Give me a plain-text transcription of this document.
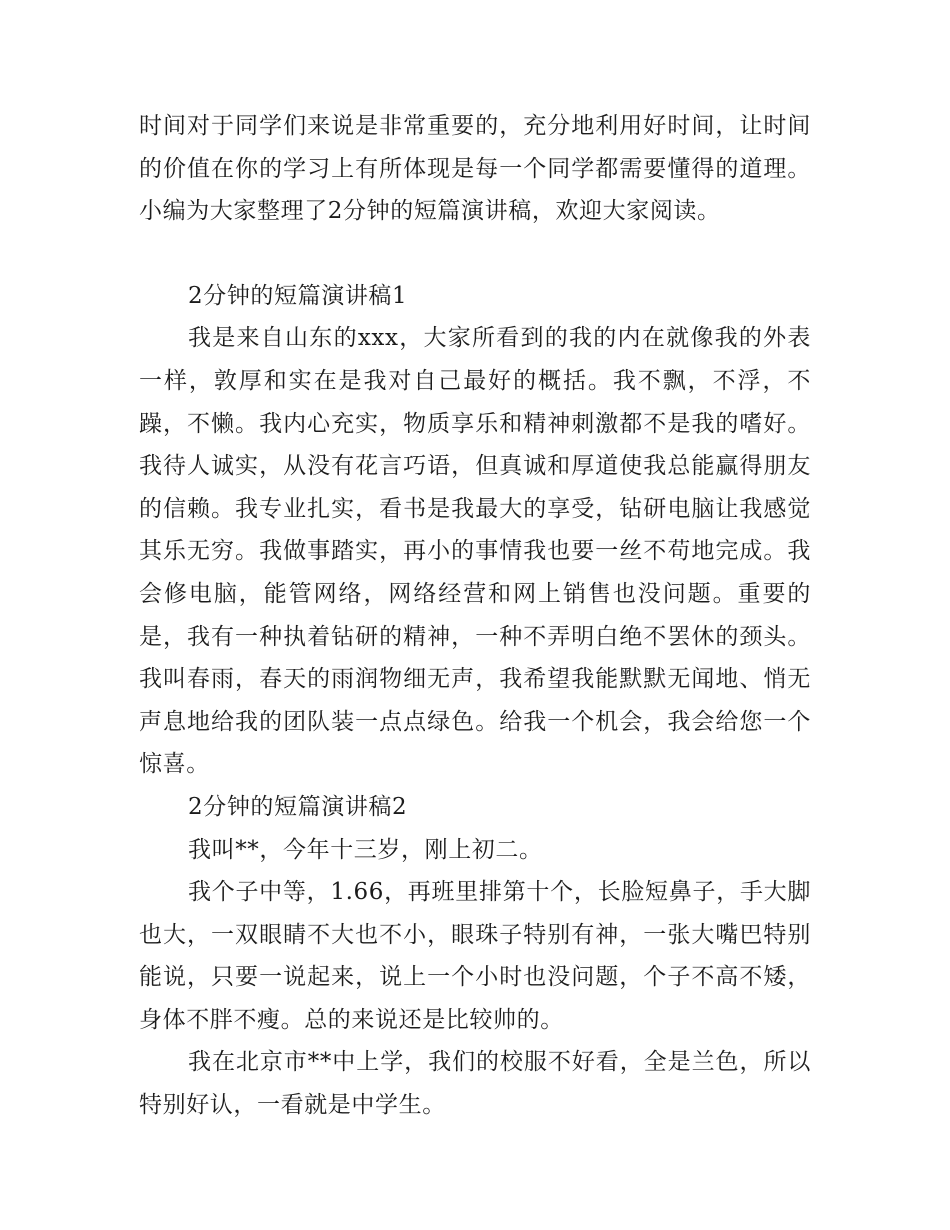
时间对于同学们来说是非常重要的，充分地利用好时间，让时间的价值在你的学习上有所体现是每一个同学都需要懂得的道理。小编为大家整理了2分钟的短篇演讲稿，欢迎大家阅读。

2分钟的短篇演讲稿1

我是来自山东的xxx，大家所看到的我的内在就像我的外表一样，敦厚和实在是我对自己最好的概括。我不飘，不浮，不躁，不懒。我内心充实，物质享乐和精神刺激都不是我的嗜好。我待人诚实，从没有花言巧语，但真诚和厚道使我总能赢得朋友的信赖。我专业扎实，看书是我最大的享受，钻研电脑让我感觉其乐无穷。我做事踏实，再小的事情我也要一丝不苟地完成。我会修电脑，能管网络，网络经营和网上销售也没问题。重要的是，我有一种执着钻研的精神，一种不弄明白绝不罢休的颈头。我叫春雨，春天的雨润物细无声，我希望我能默默无闻地、悄无声息地给我的团队装一点点绿色。给我一个机会，我会给您一个惊喜。

2分钟的短篇演讲稿2

我叫**，今年十三岁，刚上初二。

我个子中等，1.66，再班里排第十个，长脸短鼻子，手大脚也大，一双眼睛不大也不小，眼珠子特别有神，一张大嘴巴特别能说，只要一说起来，说上一个小时也没问题，个子不高不矮，身体不胖不瘦。总的来说还是比较帅的。

我在北京市**中上学，我们的校服不好看，全是兰色，所以特别好认，一看就是中学生。
